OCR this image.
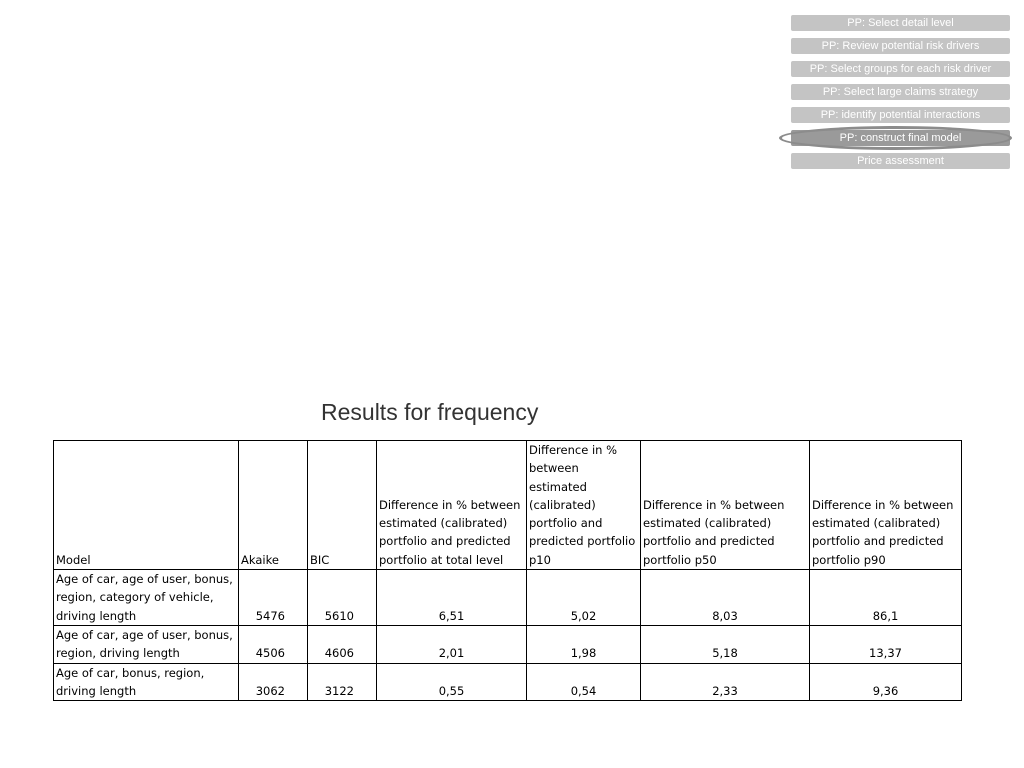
PP: Select detail level
PP: Review potential risk drivers
PP: Select groups for each risk driver
PP: Select large claims strategy
PP: identify potential interactions
PP: construct final model
Price assessment
Results for frequency
Model	Akaike	BIC	Difference in % between estimated (calibrated) portfolio and predicted portfolio at total level	Difference in % between estimated (calibrated) portfolio and predicted portfolio p10	Difference in % between estimated (calibrated) portfolio and predicted portfolio p50	Difference in % between estimated (calibrated) portfolio and predicted portfolio p90
Age of car, age of user, bonus, region, category of vehicle, driving length	5476	5610	6,51	5,02	8,03	86,1
Age of car, age of user, bonus, region, driving length	4506	4606	2,01	1,98	5,18	13,37
Age of car, bonus, region, driving length	3062	3122	0,55	0,54	2,33	9,36
